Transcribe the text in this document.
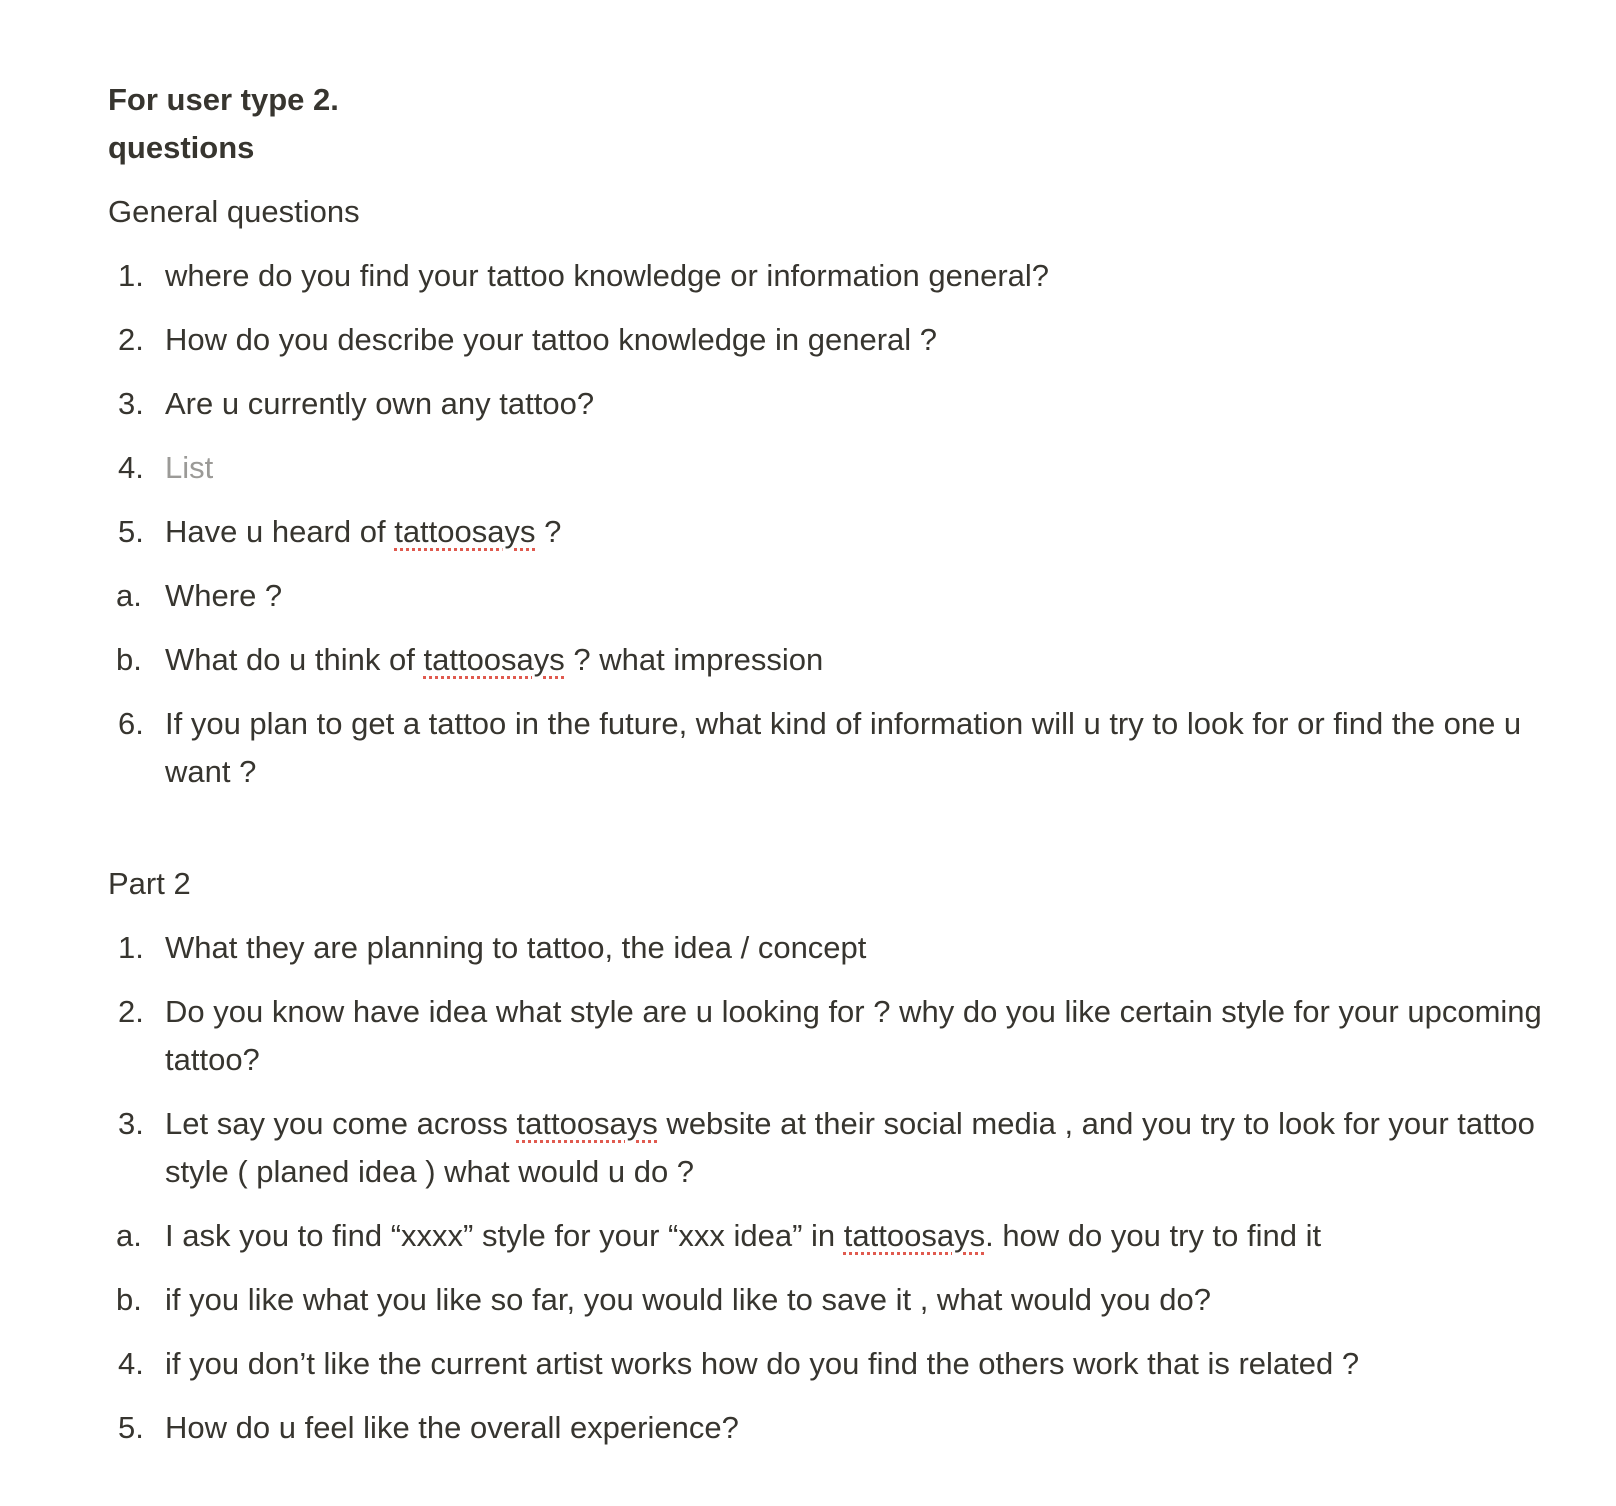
For user type 2.
questions
General questions
1. where do you find your tattoo knowledge or information general?
2. How do you describe your tattoo knowledge in general ?
3. Are u currently own any tattoo?
4. List
5. Have u heard of tattoosays ?
a. Where ?
b. What do u think of tattoosays ? what impression
6. If you plan to get a tattoo in the future, what kind of information will u try to look for or find the one u want ?
Part 2
1. What they are planning to tattoo, the idea / concept
2. Do you know have idea what style are u looking for ? why do you like certain style for your upcoming tattoo?
3. Let say you come across tattoosays website at their social media , and you try to look for your tattoo style ( planed idea ) what would u do ?
a. I ask you to find “xxxx” style for your “xxx idea” in tattoosays. how do you try to find it
b. if you like what you like so far, you would like to save it , what would you do?
4. if you don’t like the current artist works how do you find the others work that is related ?
5. How do u feel like the overall experience?
